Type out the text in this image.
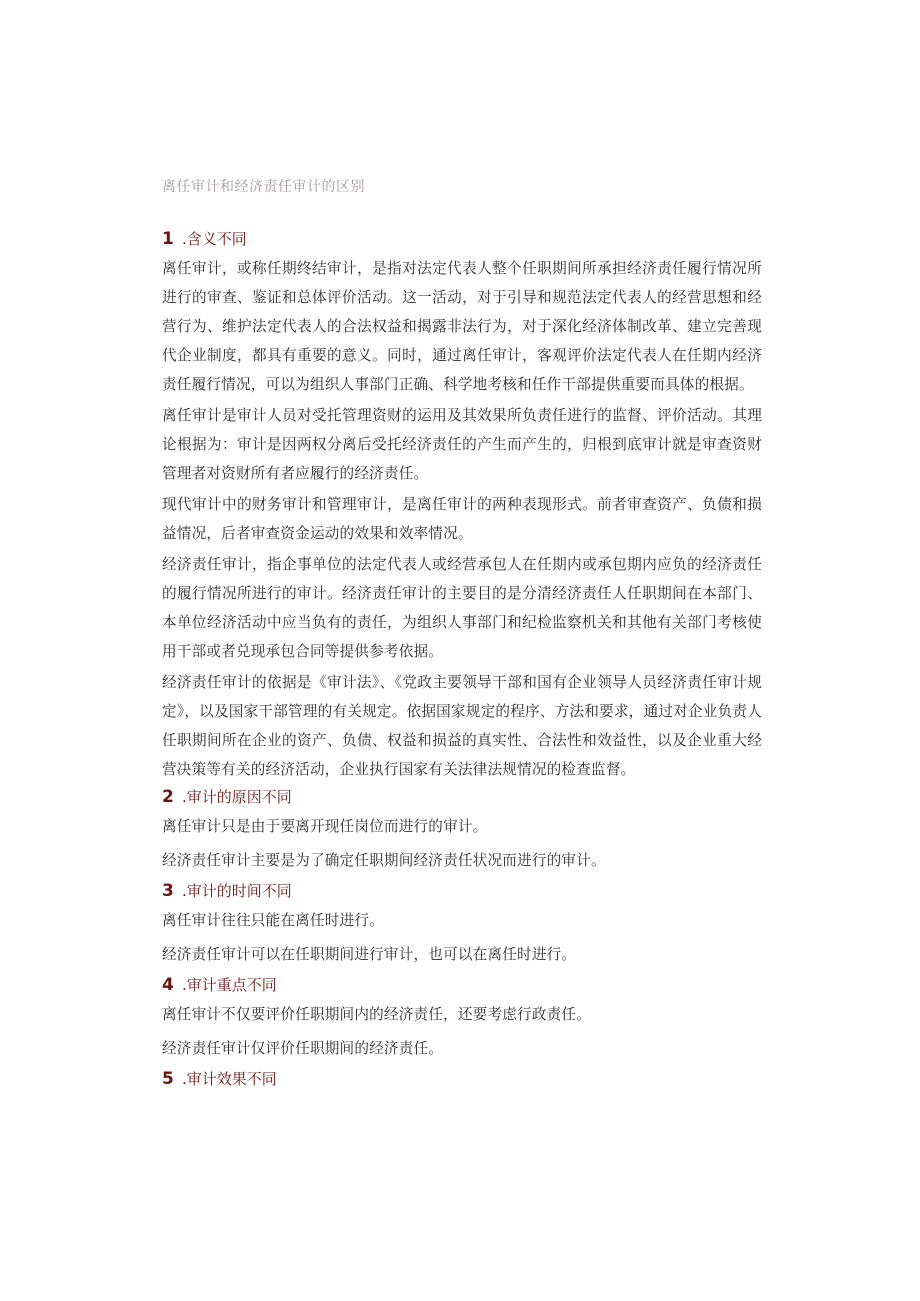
离任审计和经济责任审计的区别
1 .含义不同

离任审计，或称任期终结审计，是指对法定代表人整个任职期间所承担经济责任履行情况所进行的审查、鉴证和总体评价活动。这一活动，对于引导和规范法定代表人的经营思想和经营行为、维护法定代表人的合法权益和揭露非法行为，对于深化经济体制改革、建立完善现代企业制度，都具有重要的意义。同时，通过离任审计，客观评价法定代表人在任期内经济责任履行情况，可以为组织人事部门正确、科学地考核和任作干部提供重要而具体的根据。

离任审计是审计人员对受托管理资财的运用及其效果所负责任进行的监督、评价活动。其理论根据为：审计是因两权分离后受托经济责任的产生而产生的，归根到底审计就是审查资财管理者对资财所有者应履行的经济责任。

现代审计中的财务审计和管理审计，是离任审计的两种表现形式。前者审查资产、负债和损益情况，后者审查资金运动的效果和效率情况。

经济责任审计，指企事单位的法定代表人或经营承包人在任期内或承包期内应负的经济责任的履行情况所进行的审计。经济责任审计的主要目的是分清经济责任人任职期间在本部门、本单位经济活动中应当负有的责任，为组织人事部门和纪检监察机关和其他有关部门考核使用干部或者兑现承包合同等提供参考依据。

经济责任审计的依据是《审计法》、《党政主要领导干部和国有企业领导人员经济责任审计规定》，以及国家干部管理的有关规定。依据国家规定的程序、方法和要求，通过对企业负责人任职期间所在企业的资产、负债、权益和损益的真实性、合法性和效益性，以及企业重大经营决策等有关的经济活动，企业执行国家有关法律法规情况的检查监督。

2 .审计的原因不同

离任审计只是由于要离开现任岗位而进行的审计。

经济责任审计主要是为了确定任职期间经济责任状况而进行的审计。

3 .审计的时间不同

离任审计往往只能在离任时进行。

经济责任审计可以在任职期间进行审计，也可以在离任时进行。

4 .审计重点不同

离任审计不仅要评价任职期间内的经济责任，还要考虑行政责任。

经济责任审计仅评价任职期间的经济责任。

5 .审计效果不同
